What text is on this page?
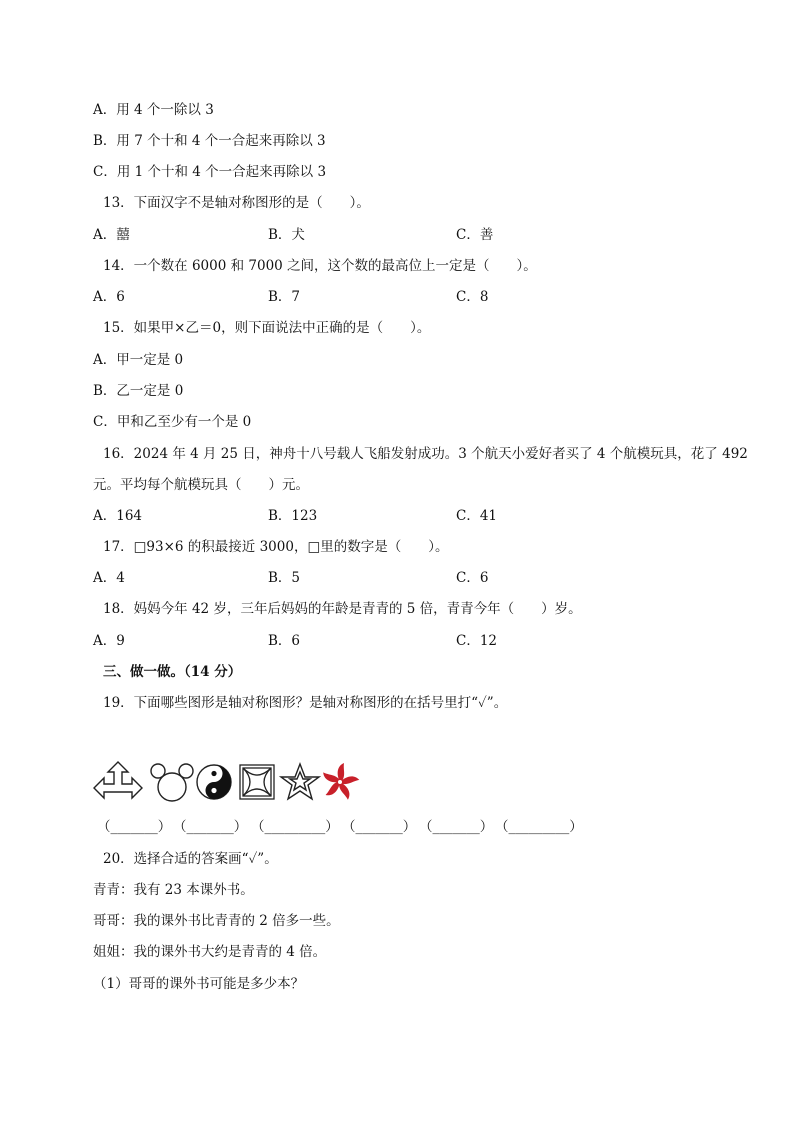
A．用 4 个一除以 3
B．用 7 个十和 4 个一合起来再除以 3
C．用 1 个十和 4 个一合起来再除以 3
13．下面汉字不是轴对称图形的是（　　）。
A．囍	B．犬	C．善
14．一个数在 6000 和 7000 之间，这个数的最高位上一定是（　　）。
A．6	B．7	C．8
15．如果甲×乙＝0，则下面说法中正确的是（　　）。
A．甲一定是 0
B．乙一定是 0
C．甲和乙至少有一个是 0
16．2024 年 4 月 25 日，神舟十八号载人飞船发射成功。3 个航天小爱好者买了 4 个航模玩具，花了 492
元。平均每个航模玩具（　　）元。
A．164	B．123	C．41
17．□93×6 的积最接近 3000，□里的数字是（　　）。
A．4	B．5	C．6
18．妈妈今年 42 岁，三年后妈妈的年龄是青青的 5 倍，青青今年（　　）岁。
A．9	B．6	C．12
三、做一做。（14 分）
19．下面哪些图形是轴对称图形？是轴对称图形的在括号里打“✓”。
（_______） （_______） （_________） （_______） （_______） （_________）
20．选择合适的答案画“✓”。
青青：我有 23 本课外书。
哥哥：我的课外书比青青的 2 倍多一些。
姐姐：我的课外书大约是青青的 4 倍。
（1）哥哥的课外书可能是多少本？
